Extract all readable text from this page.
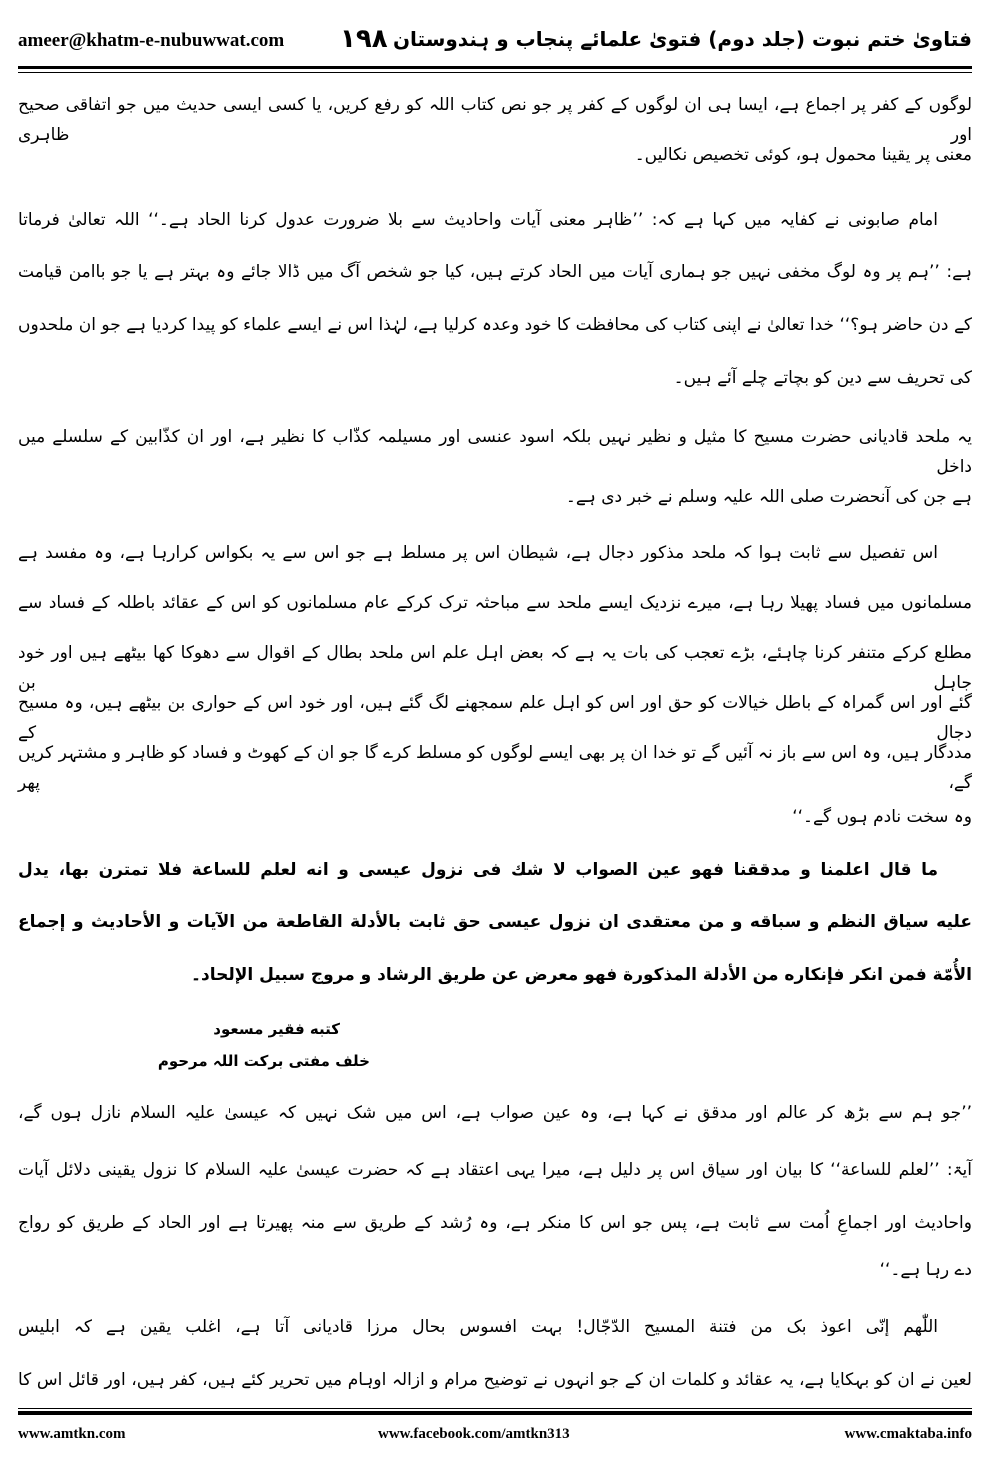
ameer@khatm-e-nubuwwat.com ۱۹۸ فتاویٰ ختم نبوت (جلد دوم) فتویٰ علمائے پنجاب و ہندوستان
لوگوں کے کفر پر اجماع ہے، ایسا ہی ان لوگوں کے کفر پر جو نص کتاب اللہ کو رفع کریں، یا کسی ایسی حدیث میں جو اتفاقی صحیح اور ظاہری
معنی پر یقینا محمول ہو، کوئی تخصیص نکالیں۔
امام صابونی نے کفایہ میں کہا ہے کہ: ’’ظاہر معنی آیات واحادیث سے بلا ضرورت عدول کرنا الحاد ہے۔‘‘ اللہ تعالیٰ فرماتا
ہے: ’’ہم پر وہ لوگ مخفی نہیں جو ہماری آیات میں الحاد کرتے ہیں، کیا جو شخص آگ میں ڈالا جائے وہ بہتر ہے یا جو باامن قیامت
کے دن حاضر ہو؟‘‘ خدا تعالیٰ نے اپنی کتاب کی محافظت کا خود وعدہ کرلیا ہے، لہٰذا اس نے ایسے علماء کو پیدا کردیا ہے جو ان ملحدوں
کی تحریف سے دین کو بچاتے چلے آئے ہیں۔
یہ ملحد قادیانی حضرت مسیح کا مثیل و نظیر نہیں بلکہ اسود عنسی اور مسیلمہ کذّاب کا نظیر ہے، اور ان کذّابین کے سلسلے میں داخل
ہے جن کی آنحضرت صلی اللہ علیہ وسلم نے خبر دی ہے۔
اس تفصیل سے ثابت ہوا کہ ملحد مذکور دجال ہے، شیطان اس پر مسلط ہے جو اس سے یہ بکواس کرارہا ہے، وہ مفسد ہے
مسلمانوں میں فساد پھیلا رہا ہے، میرے نزدیک ایسے ملحد سے مباحثہ ترک کرکے عام مسلمانوں کو اس کے عقائد باطلہ کے فساد سے
مطلع کرکے متنفر کرنا چاہئے، بڑے تعجب کی بات یہ ہے کہ بعض اہل علم اس ملحد بطال کے اقوال سے دھوکا کھا بیٹھے ہیں اور خود جاہل بن
گئے اور اس گمراہ کے باطل خیالات کو حق اور اس کو اہل علم سمجھنے لگ گئے ہیں، اور خود اس کے حواری بن بیٹھے ہیں، وہ مسیح دجال کے
مددگار ہیں، وہ اس سے باز نہ آئیں گے تو خدا ان پر بھی ایسے لوگوں کو مسلط کرے گا جو ان کے کھوٹ و فساد کو ظاہر و مشتہر کریں گے، پھر
وہ سخت نادم ہوں گے۔‘‘
ما قال اعلمنا و مدققنا فهو عين الصواب لا شك فی نزول عيسى و انه لعلم للساعة فلا تمترن بها، يدل
عليه سياق النظم و سباقه و من معتقدى ان نزول عيسى حق ثابت بالأدلة القاطعة من الآيات و الأحاديث و إجماع
الأُمّة فمن انكر فإنكاره من الأدلة المذكورة فهو معرض عن طريق الرشاد و مروج سبيل الإلحاد۔
كتبه فقير مسعود
خلف مفتی برکت اللہ مرحوم
’’جو ہم سے بڑھ کر عالم اور مدقق نے کہا ہے، وہ عین صواب ہے، اس میں شک نہیں کہ عیسیٰ علیہ السلام نازل ہوں گے،
آیۃ: ’’لعلم للساعة‘‘ کا بیان اور سیاق اس پر دلیل ہے، میرا یہی اعتقاد ہے کہ حضرت عیسیٰ علیہ السلام کا نزول یقینی دلائل آیات
واحادیث اور اجماعِ اُمت سے ثابت ہے، پس جو اس کا منکر ہے، وہ رُشد کے طریق سے منہ پھیرتا ہے اور الحاد کے طریق کو رواج
دے رہا ہے۔‘‘
اللّٰھم إنّی اعوذ بک من فتنة المسیح الدّجّال! بہت افسوس بحال مرزا قادیانی آتا ہے، اغلب یقین ہے کہ ابلیس
لعین نے ان کو بہکایا ہے، یہ عقائد و کلمات ان کے جو انہوں نے توضیح مرام و ازالہ اوہام میں تحریر کئے ہیں، کفر ہیں، اور قائل اس کا
www.amtkn.com	www.facebook.com/amtkn313	www.cmaktaba.info
